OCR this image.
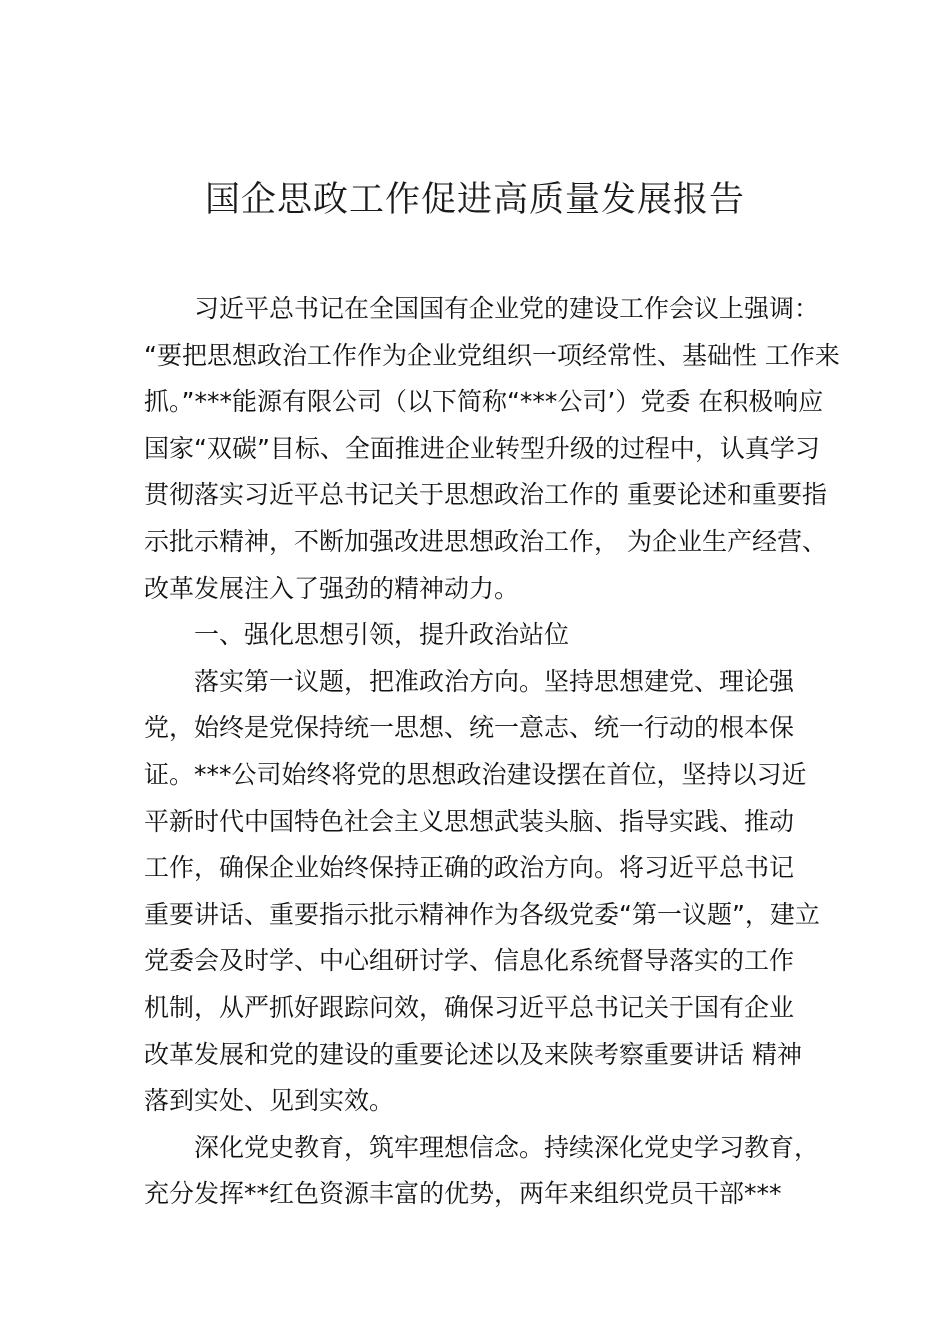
国企思政工作促进高质量发展报告
习近平总书记在全国国有企业党的建设工作会议上强调：
“要把思想政治工作作为企业党组织一项经常性、基础性 工作来
抓。”***能源有限公司（以下简称“***公司’）党委 在积极响应
国家“双碳”目标、全面推进企业转型升级的过程中，认真学习
贯彻落实习近平总书记关于思想政治工作的 重要论述和重要指
示批示精神，不断加强改进思想政治工作， 为企业生产经营、
改革发展注入了强劲的精神动力。
一、强化思想引领，提升政治站位
落实第一议题，把准政治方向。坚持思想建党、理论强
党，始终是党保持统一思想、统一意志、统一行动的根本保
证。***公司始终将党的思想政治建设摆在首位，坚持以习近
平新时代中国特色社会主义思想武装头脑、指导实践、推动
工作，确保企业始终保持正确的政治方向。将习近平总书记
重要讲话、重要指示批示精神作为各级党委“第一议题”，建立
党委会及时学、中心组研讨学、信息化系统督导落实的工作
机制，从严抓好跟踪问效，确保习近平总书记关于国有企业
改革发展和党的建设的重要论述以及来陕考察重要讲话 精神
落到实处、见到实效。
深化党史教育，筑牢理想信念。持续深化党史学习教育，
充分发挥**红色资源丰富的优势，两年来组织党员干部***
